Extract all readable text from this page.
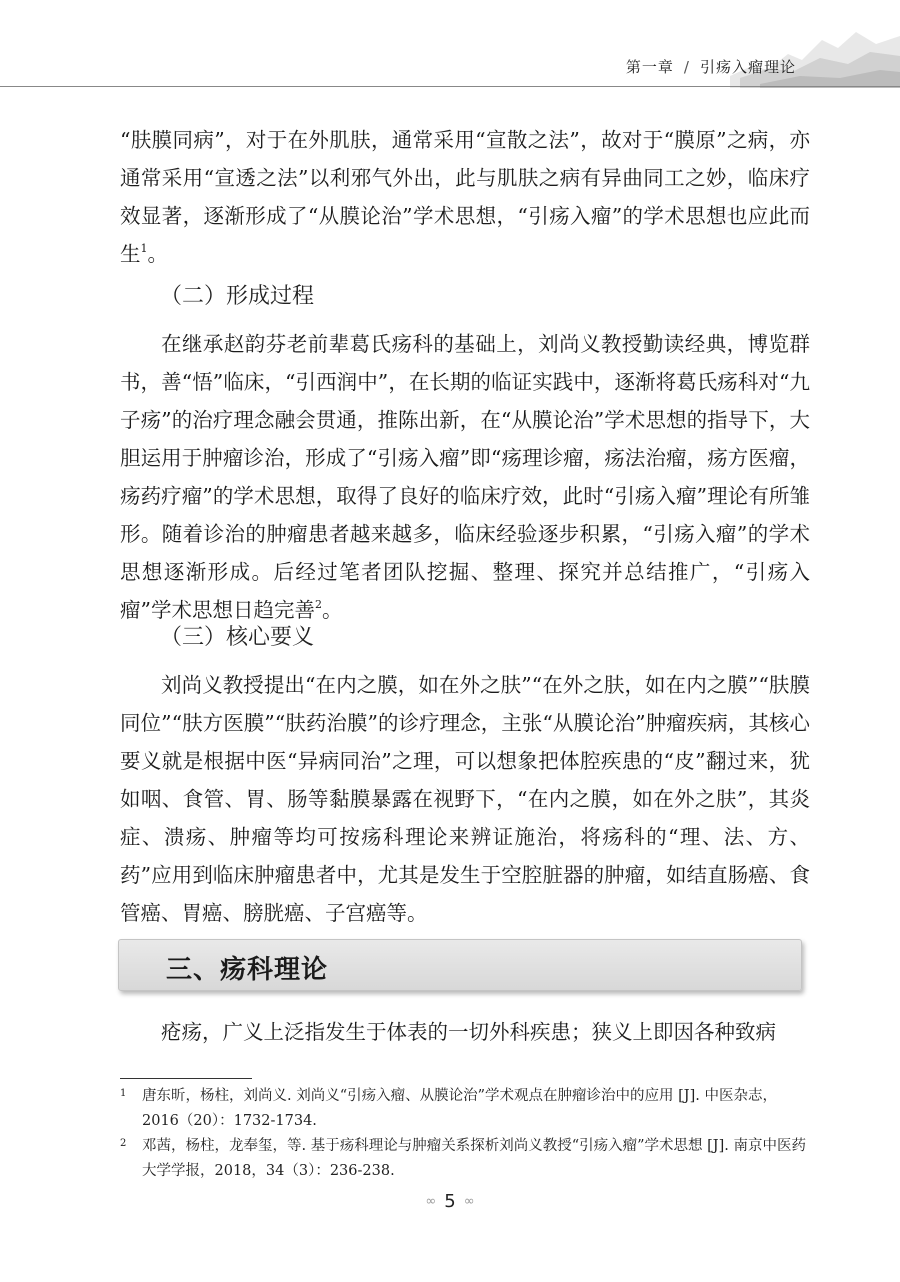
第一章 / 引疡入瘤理论

“肤膜同病”，对于在外肌肤，通常采用“宣散之法”，故对于“膜原”之病，亦通常采用“宣透之法”以利邪气外出，此与肌肤之病有异曲同工之妙，临床疗效显著，逐渐形成了“从膜论治”学术思想，“引疡入瘤”的学术思想也应此而生$^1$。

（二）形成过程

在继承赵韵芬老前辈葛氏疡科的基础上，刘尚义教授勤读经典，博览群书，善“悟”临床，“引西润中”，在长期的临证实践中，逐渐将葛氏疡科对“九子疡”的治疗理念融会贯通，推陈出新，在“从膜论治”学术思想的指导下，大胆运用于肿瘤诊治，形成了“引疡入瘤”即“疡理诊瘤，疡法治瘤，疡方医瘤，疡药疗瘤”的学术思想，取得了良好的临床疗效，此时“引疡入瘤”理论有所雏形。随着诊治的肿瘤患者越来越多，临床经验逐步积累，“引疡入瘤”的学术思想逐渐形成。后经过笔者团队挖掘、整理、探究并总结推广，“引疡入瘤”学术思想日趋完善$^2$。

（三）核心要义

刘尚义教授提出“在内之膜，如在外之肤”“在外之肤，如在内之膜”“肤膜同位”“肤方医膜”“肤药治膜”的诊疗理念，主张“从膜论治”肿瘤疾病，其核心要义就是根据中医“异病同治”之理，可以想象把体腔疾患的“皮”翻过来，犹如咽、食管、胃、肠等黏膜暴露在视野下，“在内之膜，如在外之肤”，其炎症、溃疡、肿瘤等均可按疡科理论来辨证施治，将疡科的“理、法、方、药”应用到临床肿瘤患者中，尤其是发生于空腔脏器的肿瘤，如结直肠癌、食管癌、胃癌、膀胱癌、子宫癌等。

三、疡科理论

疮疡，广义上泛指发生于体表的一切外科疾患；狭义上即因各种致病

1 唐东昕，杨柱，刘尚义. 刘尚义“引疡入瘤、从膜论治”学术观点在肿瘤诊治中的应用 [J]. 中医杂志，2016（20）：1732-1734.
2 邓茜，杨柱，龙奉玺，等. 基于疡科理论与肿瘤关系探析刘尚义教授“引疡入瘤”学术思想 [J]. 南京中医药大学学报，2018，34（3）：236-238.
∞ 5 ∞
